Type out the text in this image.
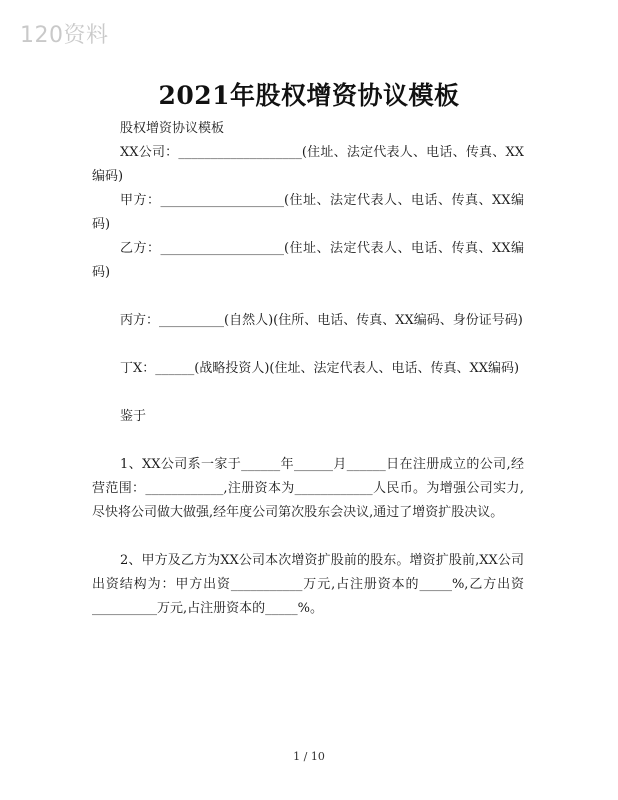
120资料
2021年股权增资协议模板

股权增资协议模板

XX公司：___________________(住址、法定代表人、电话、传真、XX编码)

甲方：___________________(住址、法定代表人、电话、传真、XX编码)

乙方：___________________(住址、法定代表人、电话、传真、XX编码)

丙方：__________(自然人)(住所、电话、传真、XX编码、身份证号码)

丁X：______(战略投资人)(住址、法定代表人、电话、传真、XX编码)

鉴于

1、XX公司系一家于______年______月______日在注册成立的公司,经营范围：____________,注册资本为____________人民币。为增强公司实力,尽快将公司做大做强,经年度公司第次股东会决议,通过了增资扩股决议。

2、甲方及乙方为XX公司本次增资扩股前的股东。增资扩股前,XX公司出资结构为：甲方出资___________万元,占注册资本的_____%,乙方出资__________万元,占注册资本的_____%。

1 / 10
